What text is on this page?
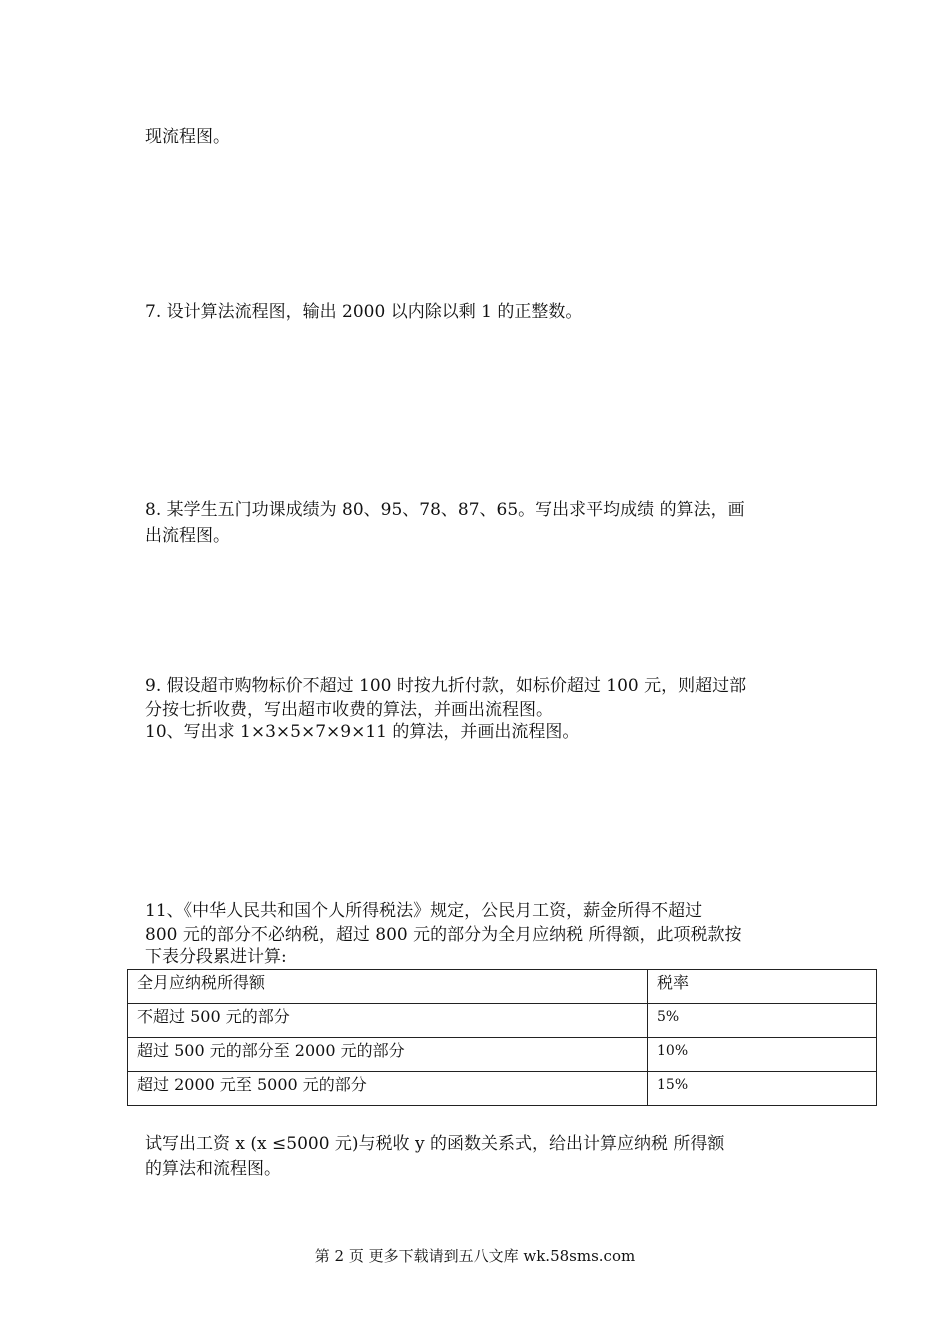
现流程图。
7. 设计算法流程图，输出 2000 以内除以剩 1 的正整数。
8. 某学生五门功课成绩为 80、95、78、87、65。写出求平均成绩 的算法，画
出流程图。
9. 假设超市购物标价不超过 100 时按九折付款，如标价超过 100 元，则超过部
分按七折收费，写出超市收费的算法，并画出流程图。
10、写出求 1×3×5×7×9×11 的算法，并画出流程图。
11、《中华人民共和国个人所得税法》规定，公民月工资，薪金所得不超过
800 元的部分不必纳税，超过 800 元的部分为全月应纳税 所得额，此项税款按
下表分段累进计算:
全月应纳税所得额	税率
不超过 500 元的部分	5%
超过 500 元的部分至 2000 元的部分	10%
超过 2000 元至 5000 元的部分	15%
试写出工资 x (x ≤5000 元)与税收 y 的函数关系式，给出计算应纳税 所得额
的算法和流程图。
第 2 页 更多下载请到五八文库 wk.58sms.com
